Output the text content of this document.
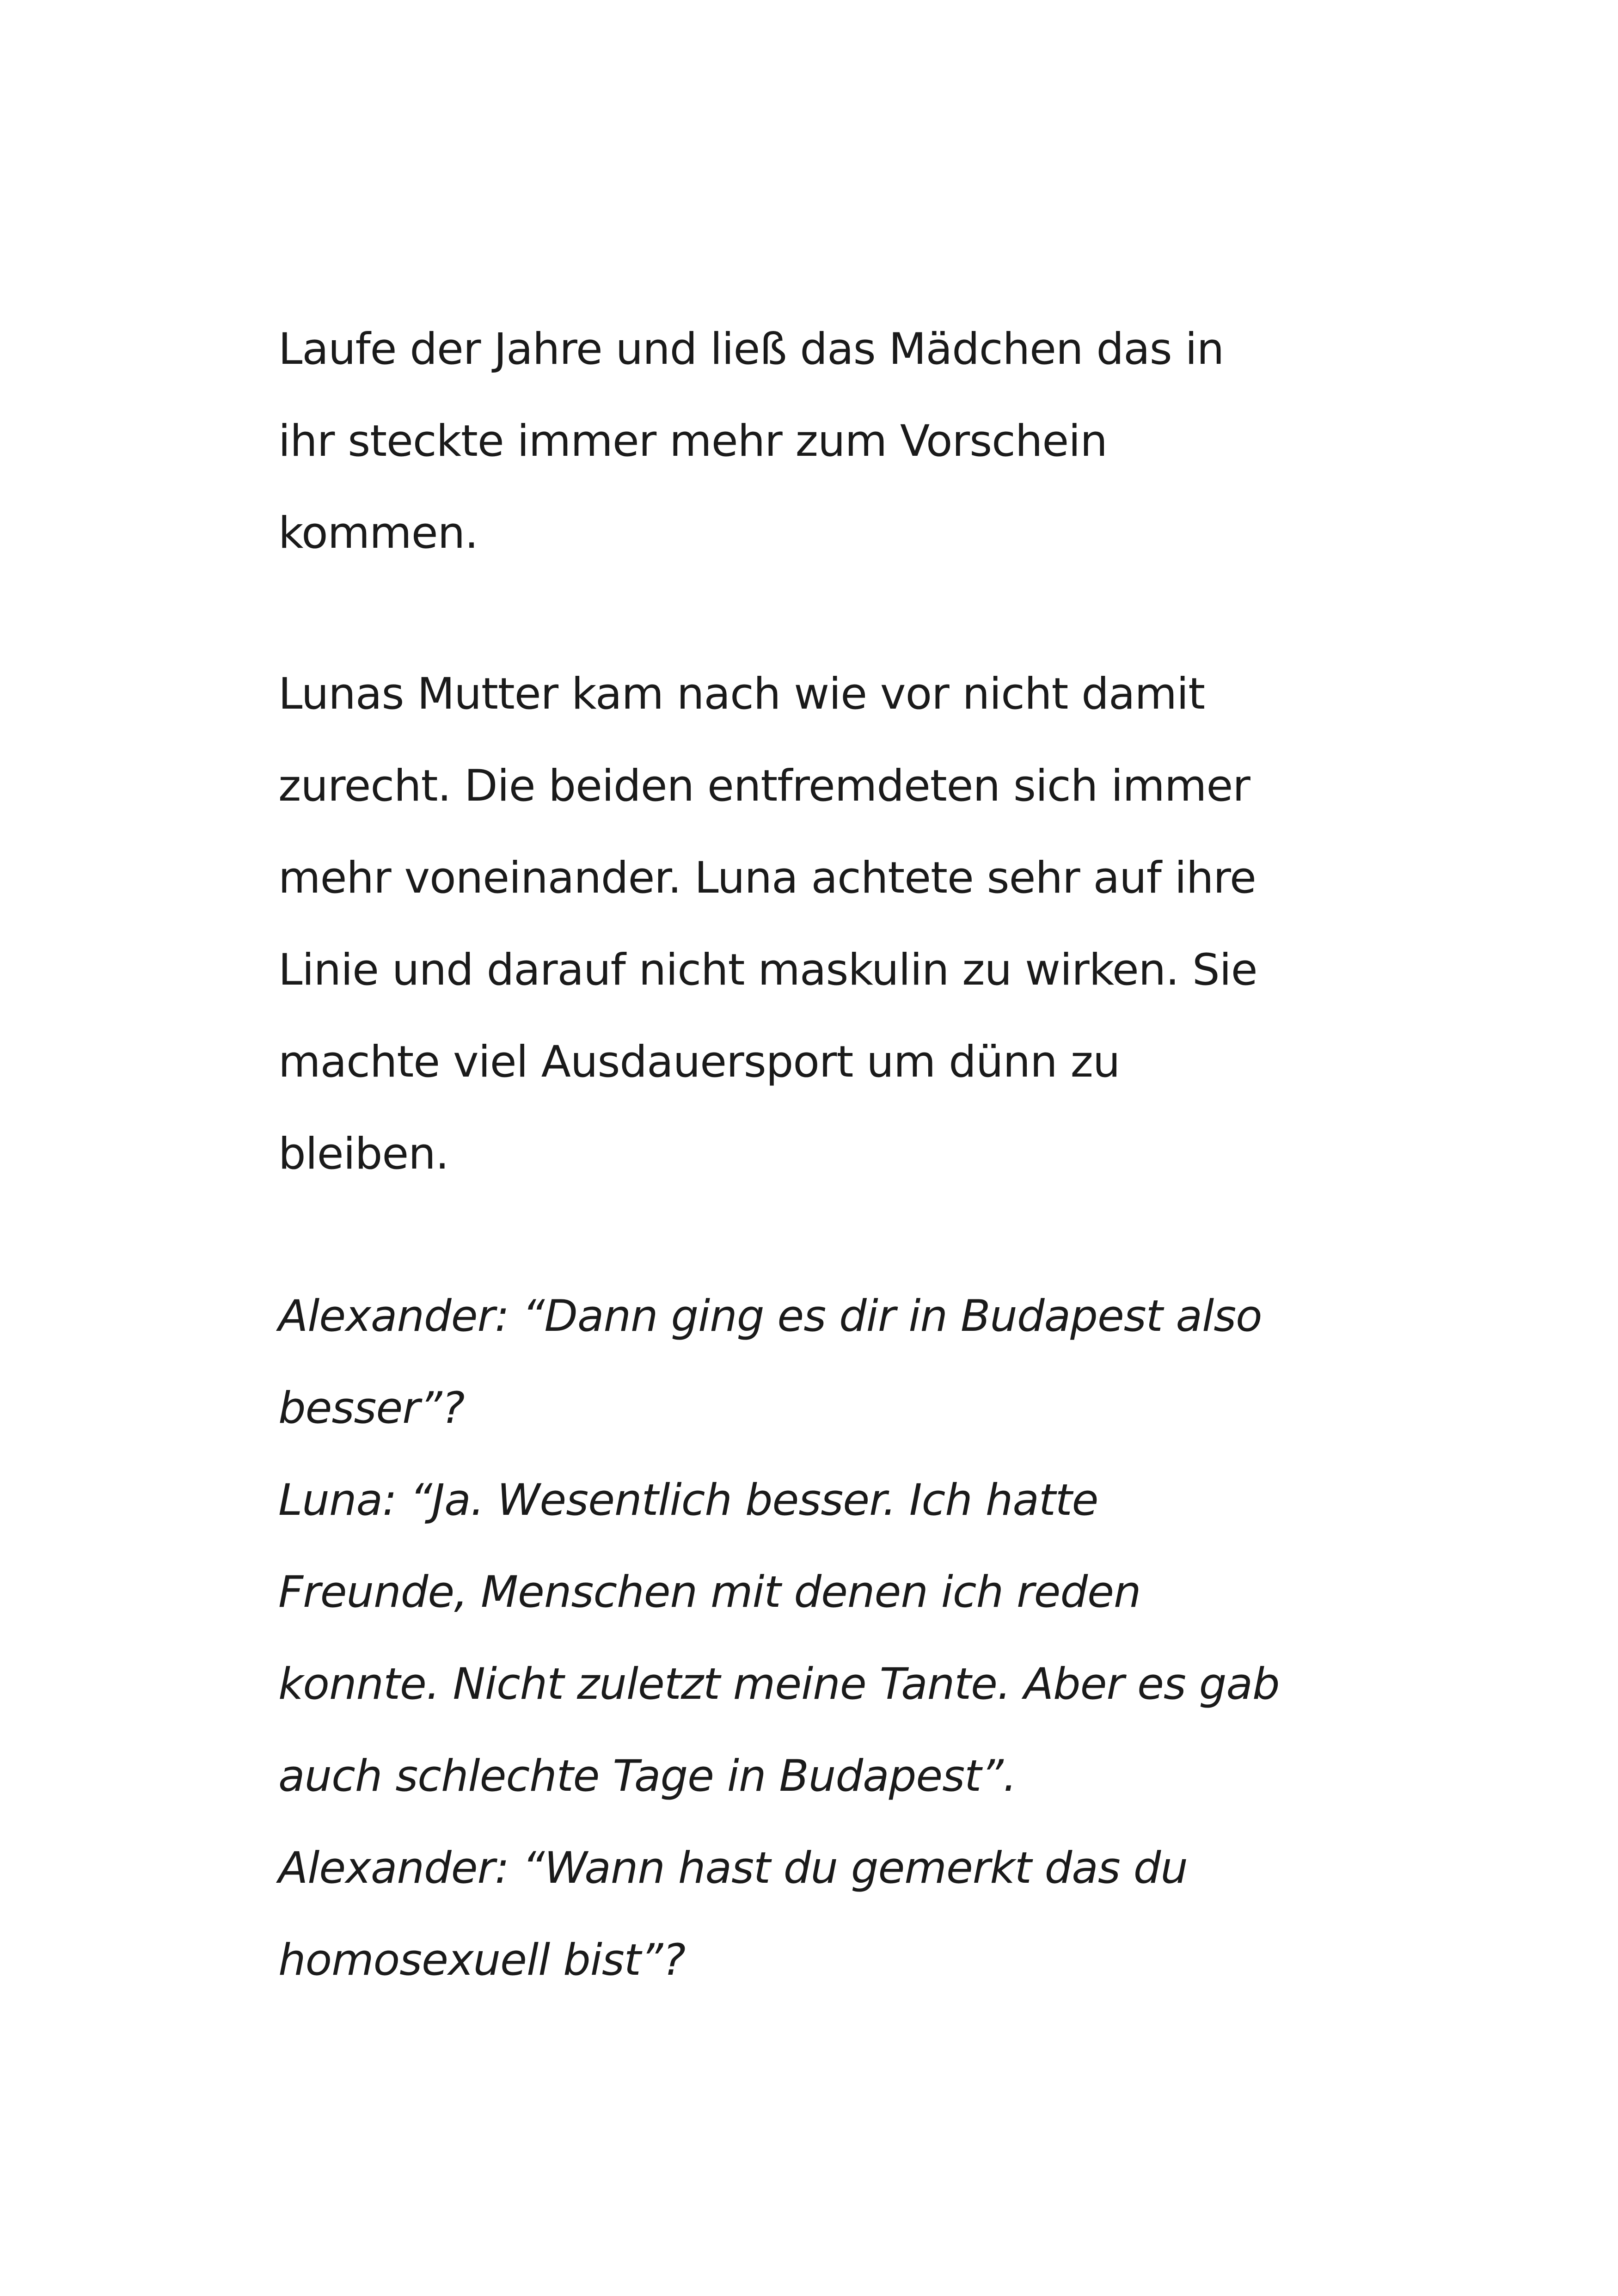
Laufe der Jahre und ließ das Mädchen das in
ihr steckte immer mehr zum Vorschein
kommen.
Lunas Mutter kam nach wie vor nicht damit
zurecht. Die beiden entfremdeten sich immer
mehr voneinander. Luna achtete sehr auf ihre
Linie und darauf nicht maskulin zu wirken. Sie
machte viel Ausdauersport um dünn zu
bleiben.
Alexander: “Dann ging es dir in Budapest also
besser”?
Luna: “Ja. Wesentlich besser. Ich hatte
Freunde, Menschen mit denen ich reden
konnte. Nicht zuletzt meine Tante. Aber es gab
auch schlechte Tage in Budapest”.
Alexander: “Wann hast du gemerkt das du
homosexuell bist”?
